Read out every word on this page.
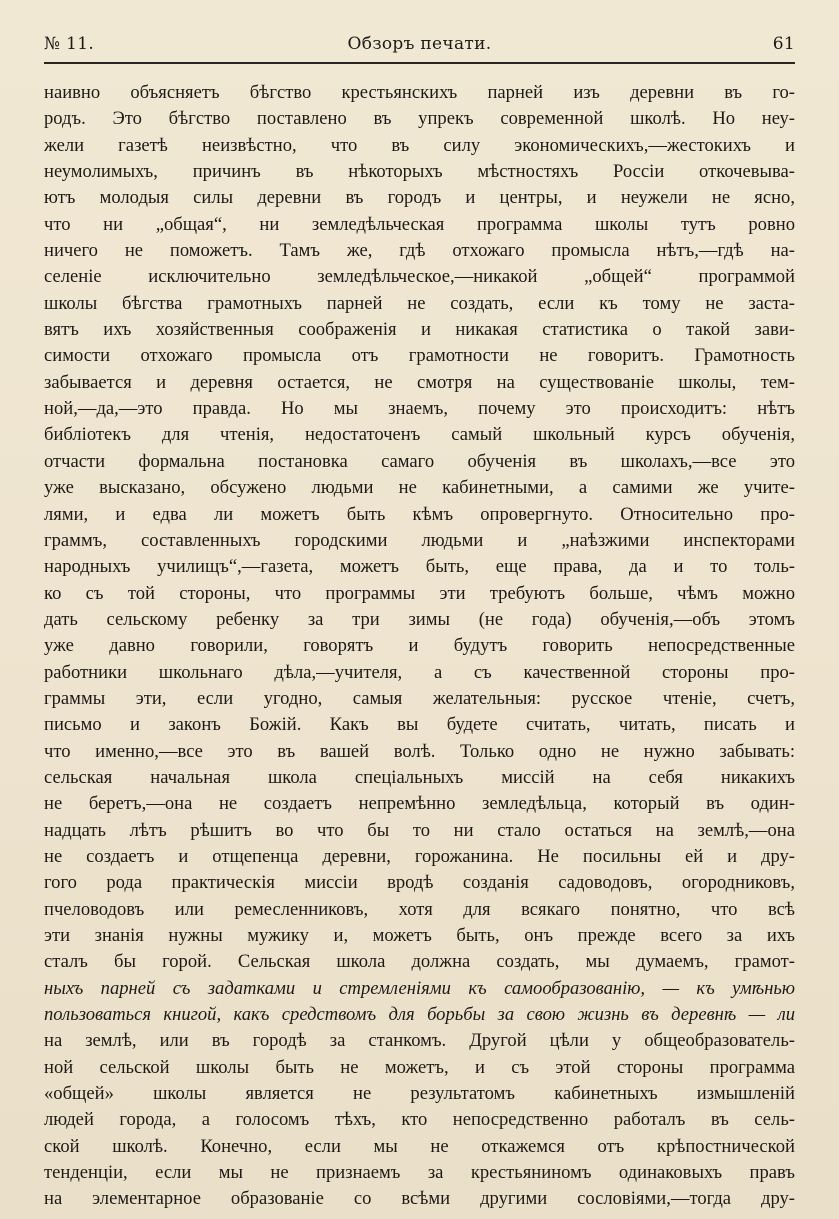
№ 11.	Обзоръ печати.	61
наивно объясняетъ бѣгство крестьянскихъ парней изъ деревни въ го-
родъ. Это бѣгство поставлено въ упрекъ современной школѣ. Но неу-
жели газетѣ неизвѣстно, что въ силу экономическихъ,—жестокихъ и
неумолимыхъ, причинъ въ нѣкоторыхъ мѣстностяхъ Россіи откочевыва-
ютъ молодыя силы деревни въ городъ и центры, и неужели не ясно,
что ни „общая“, ни земледѣльческая программа школы тутъ ровно
ничего не поможетъ. Тамъ же, гдѣ отхожаго промысла нѣтъ,—гдѣ на-
селеніе исключительно земледѣльческое,—никакой „общей“ программой
школы бѣгства грамотныхъ парней не создать, если къ тому не заста-
вятъ ихъ хозяйственныя соображенія и никакая статистика о такой зави-
симости отхожаго промысла отъ грамотности не говоритъ. Грамотность
забывается и деревня остается, не смотря на существованіе школы, тем-
ной,—да,—это правда. Но мы знаемъ, почему это происходитъ: нѣтъ
библіотекъ для чтенія, недостаточенъ самый школьный курсъ обученія,
отчасти формальна постановка самаго обученія въ школахъ,—все это
уже высказано, обсужено людьми не кабинетными, а самими же учите-
лями, и едва ли можетъ быть кѣмъ опровергнуто. Относительно про-
граммъ, составленныхъ городскими людьми и „наѣзжими инспекторами
народныхъ училищъ“,—газета, можетъ быть, еще права, да и то толь-
ко съ той стороны, что программы эти требуютъ больше, чѣмъ можно
дать сельскому ребенку за три зимы (не года) обученія,—объ этомъ
уже давно говорили, говорятъ и будутъ говорить непосредственные
работники школьнаго дѣла,—учителя, а съ качественной стороны про-
граммы эти, если угодно, самыя желательныя: русское чтеніе, счетъ,
письмо и законъ Божій. Какъ вы будете считать, читать, писать и
что именно,—все это въ вашей волѣ. Только одно не нужно забывать:
сельская начальная школа спеціальныхъ миссій на себя никакихъ
не беретъ,—она не создаетъ непремѣнно земледѣльца, который въ один-
надцать лѣтъ рѣшитъ во что бы то ни стало остаться на землѣ,—она
не создаетъ и отщепенца деревни, горожанина. Не посильны ей и дру-
гого рода практическія миссіи вродѣ созданія садоводовъ, огородниковъ,
пчеловодовъ или ремесленниковъ, хотя для всякаго понятно, что всѣ
эти знанія нужны мужику и, можетъ быть, онъ прежде всего за ихъ
сталъ бы горой. Сельская школа должна создать, мы думаемъ, грамот-
ныхъ парней съ задатками и стремленіями къ самообразованію, — къ умѣнью
пользоваться книгой, какъ средствомъ для борьбы за свою жизнь въ деревнѣ — ли
на землѣ, или въ городѣ за станкомъ. Другой цѣли у общеобразователь-
ной сельской школы быть не можетъ, и съ этой стороны программа
«общей» школы является не результатомъ кабинетныхъ измышленій
людей города, а голосомъ тѣхъ, кто непосредственно работалъ въ сель-
ской школѣ. Конечно, если мы не откажемся отъ крѣпостнической
тенденціи, если мы не признаемъ за крестьяниномъ одинаковыхъ правъ
на элементарное образованіе со всѣми другими сословіями,—тогда дру-
